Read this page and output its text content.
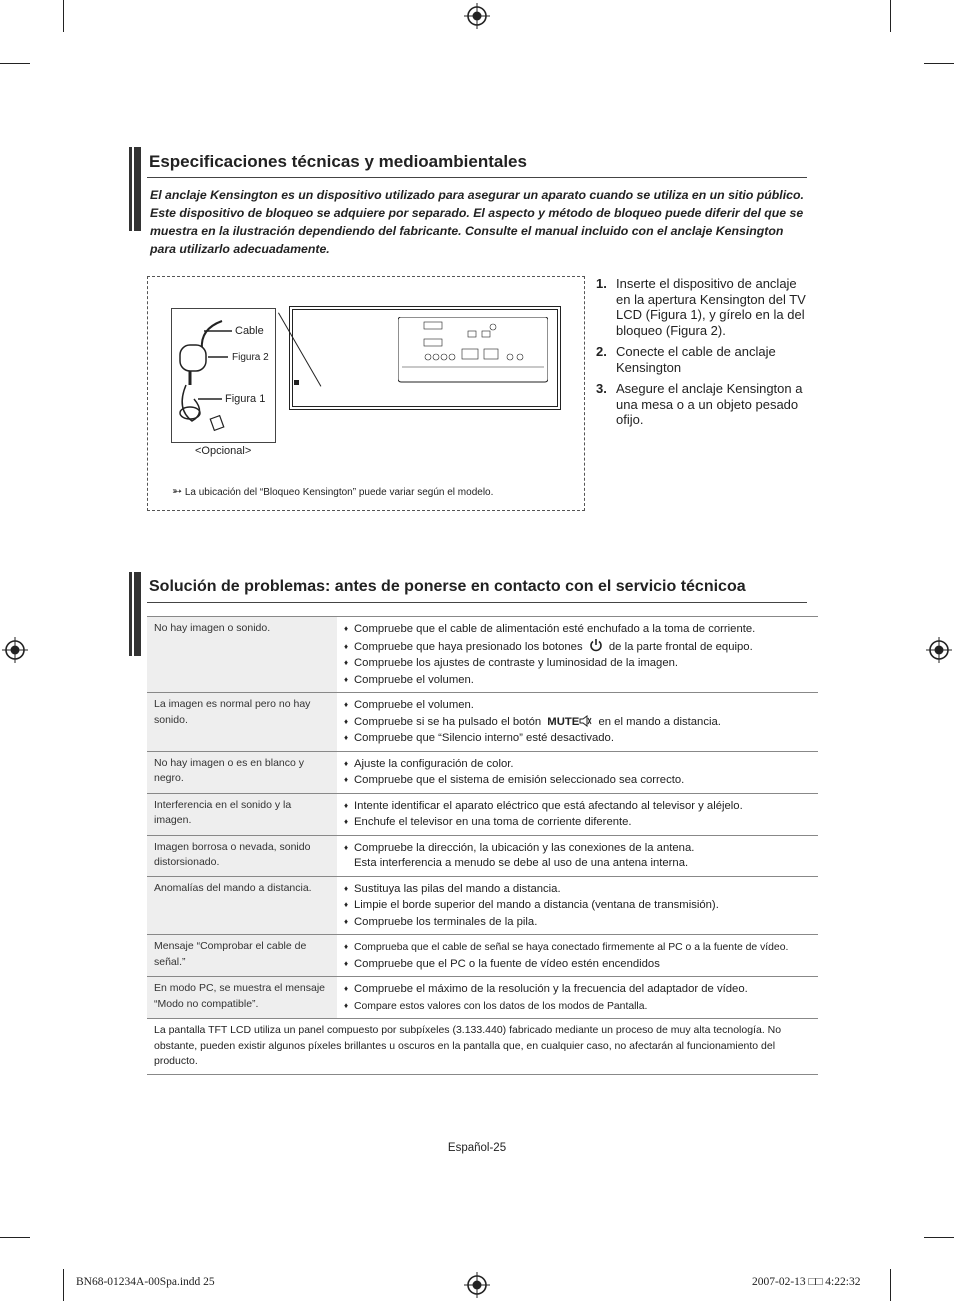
Especificaciones técnicas y medioambientales
El anclaje Kensington es un dispositivo utilizado para asegurar un aparato cuando se utiliza en un sitio público. Este dispositivo de bloqueo se adquiere por separado. El aspecto y método de bloqueo puede diferir del que se muestra en la ilustración dependiendo del fabricante. Consulte el manual incluido con el anclaje Kensington para utilizarlo adecuadamente.
Cable
Figura 2
Figura 1
<Opcional>
➳ La ubicación del “Bloqueo Kensington” puede variar según el modelo.
1. Inserte el dispositivo de anclaje en la apertura Kensington del TV LCD (Figura 1), y gírelo en la del bloqueo (Figura 2).
2. Conecte el cable de anclaje Kensington
3. Asegure el anclaje Kensington a una mesa o a un objeto pesado ofijo.
Solución de problemas: antes de ponerse en contacto con el servicio técnicoa
No hay imagen o sonido.	♦ Compruebe que el cable de alimentación esté enchufado a la toma de corriente.
♦ Compruebe que haya presionado los botones de la parte frontal de equipo.
♦ Compruebe los ajustes de contraste y luminosidad de la imagen.
♦ Compruebe el volumen.

La imagen es normal pero no hay sonido.	♦ Compruebe el volumen.
♦ Compruebe si se ha pulsado el botón MUTE en el mando a distancia.
♦ Compruebe que “Silencio interno” esté desactivado.

No hay imagen o es en blanco y negro.	♦ Ajuste la configuración de color.
♦ Compruebe que el sistema de emisión seleccionado sea correcto.

Interferencia en el sonido y la imagen.	♦ Intente identificar el aparato eléctrico que está afectando al televisor y aléjelo.
♦ Enchufe el televisor en una toma de corriente diferente.

Imagen borrosa o nevada, sonido distorsionado.	♦ Compruebe la dirección, la ubicación y las conexiones de la antena.
Esta interferencia a menudo se debe al uso de una antena interna.

Anomalías del mando a distancia.	♦ Sustituya las pilas del mando a distancia.
♦ Limpie el borde superior del mando a distancia (ventana de transmisión).
♦ Compruebe los terminales de la pila.

Mensaje “Comprobar el cable de señal.”	♦ Comprueba que el cable de señal se haya conectado firmemente al PC o a la fuente de vídeo.
♦ Compruebe que el PC o la fuente de vídeo estén encendidos

En modo PC, se muestra el mensaje “Modo no compatible”.	♦ Compruebe el máximo de la resolución y la frecuencia del adaptador de vídeo.
♦ Compare estos valores con los datos de los modos de Pantalla.

La pantalla TFT LCD utiliza un panel compuesto por subpíxeles (3.133.440) fabricado mediante un proceso de muy alta tecnología. No obstante, pueden existir algunos píxeles brillantes u oscuros en la pantalla que, en cualquier caso, no afectarán al funcionamiento del producto.	
Español-25
BN68-01234A-00Spa.indd 25	2007-02-13 □□ 4:22:32
